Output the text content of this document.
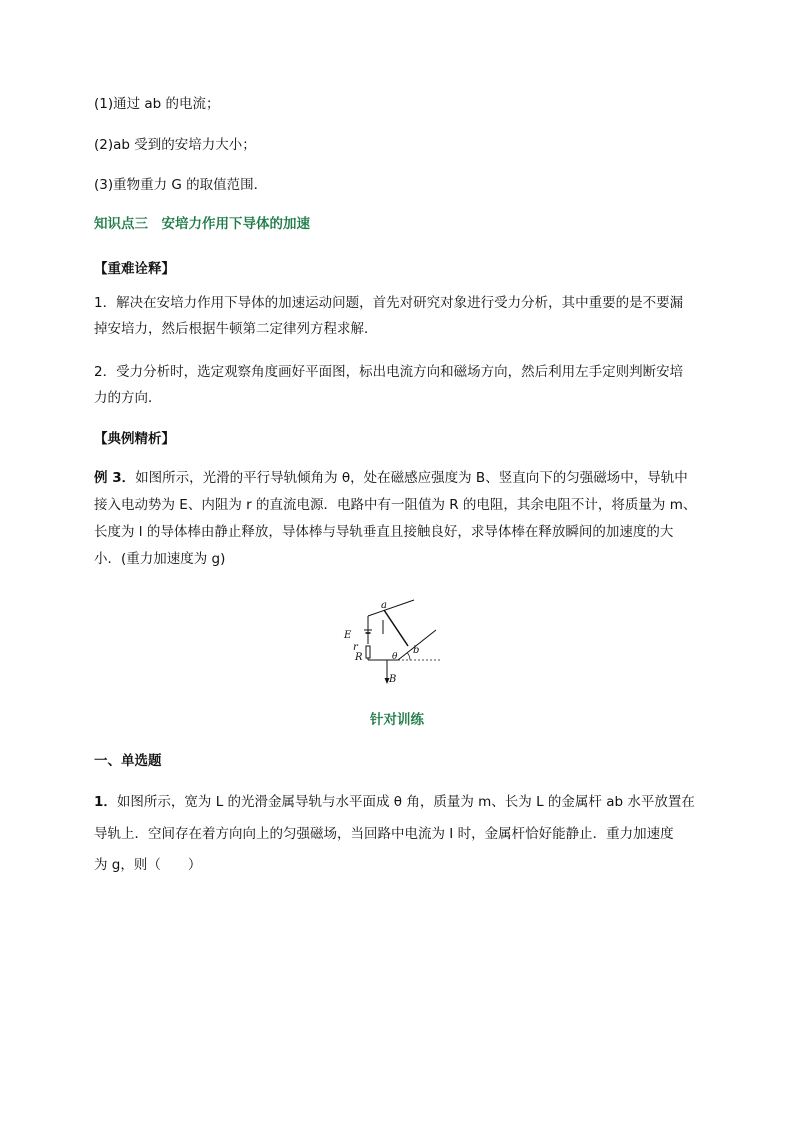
(1)通过 ab 的电流；
(2)ab 受到的安培力大小；
(3)重物重力 G 的取值范围．
知识点三　安培力作用下导体的加速
【重难诠释】
1．解决在安培力作用下导体的加速运动问题，首先对研究对象进行受力分析，其中重要的是不要漏
掉安培力，然后根据牛顿第二定律列方程求解．
2．受力分析时，选定观察角度画好平面图，标出电流方向和磁场方向，然后利用左手定则判断安培
力的方向．
【典例精析】
例 3．如图所示，光滑的平行导轨倾角为 θ，处在磁感应强度为 B、竖直向下的匀强磁场中，导轨中
接入电动势为 E、内阻为 r 的直流电源．电路中有一阻值为 R 的电阻，其余电阻不计，将质量为 m、
长度为 l 的导体棒由静止释放，导体棒与导轨垂直且接触良好，求导体棒在释放瞬间的加速度的大
小．(重力加速度为 g)
a
b
E
r
R	θ
B
针对训练
一、单选题
1．如图所示，宽为 L 的光滑金属导轨与水平面成 θ 角，质量为 m、长为 L 的金属杆 ab 水平放置在
导轨上．空间存在着方向向上的匀强磁场，当回路中电流为 I 时，金属杆恰好能静止．重力加速度
为 g，则（　　）
